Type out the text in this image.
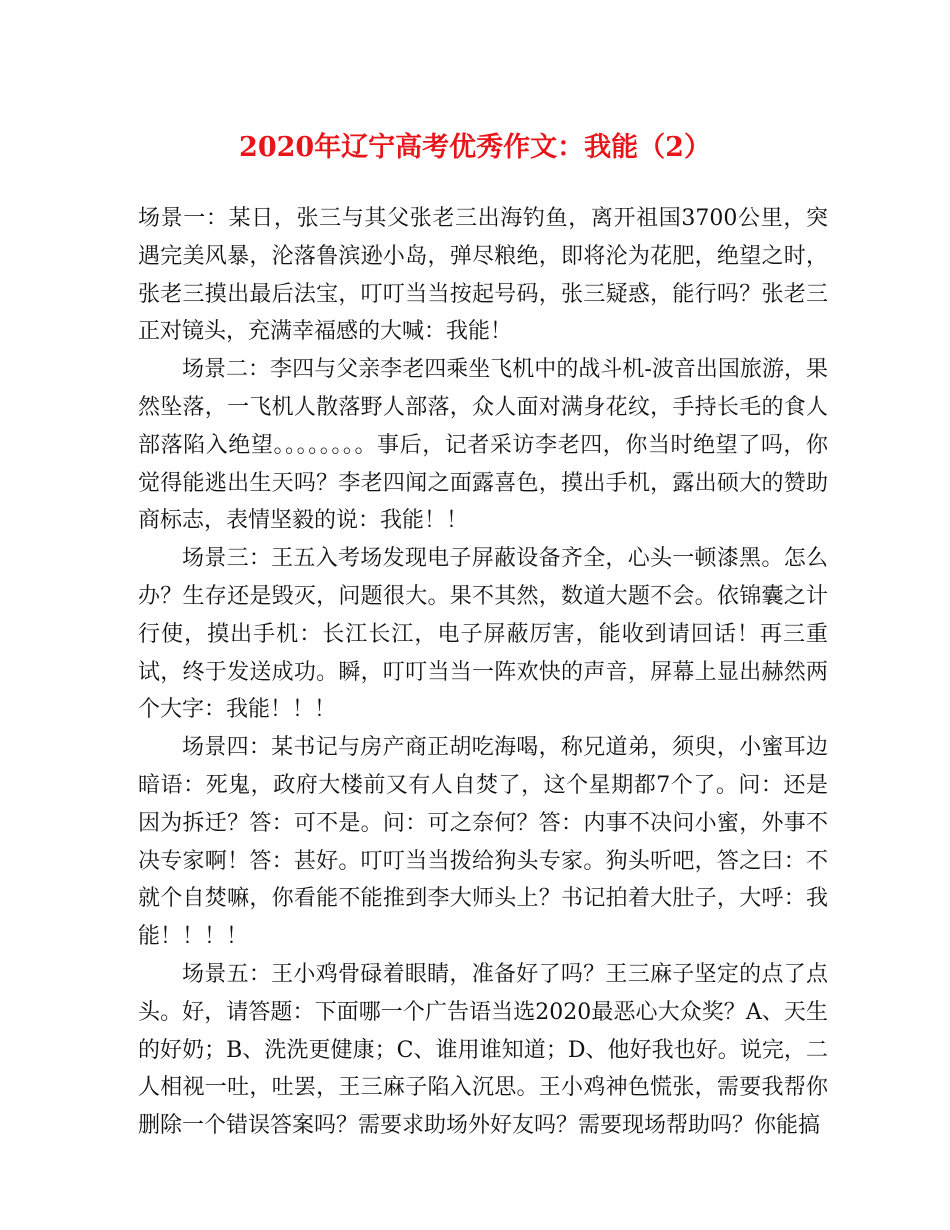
2020年辽宁高考优秀作文：我能（2）

场景一：某日，张三与其父张老三出海钓鱼，离开祖国3700公里，突遇完美风暴，沦落鲁滨逊小岛，弹尽粮绝，即将沦为花肥，绝望之时，张老三摸出最后法宝，叮叮当当按起号码，张三疑惑，能行吗？张老三正对镜头，充满幸福感的大喊：我能！

场景二：李四与父亲李老四乘坐飞机中的战斗机-波音出国旅游，果然坠落，一飞机人散落野人部落，众人面对满身花纹，手持长毛的食人部落陷入绝望。。。。。。。。事后，记者采访李老四，你当时绝望了吗，你觉得能逃出生天吗？李老四闻之面露喜色，摸出手机，露出硕大的赞助商标志，表情坚毅的说：我能！！

场景三：王五入考场发现电子屏蔽设备齐全，心头一顿漆黑。怎么办？生存还是毁灭，问题很大。果不其然，数道大题不会。依锦囊之计行使，摸出手机：长江长江，电子屏蔽厉害，能收到请回话！再三重试，终于发送成功。瞬，叮叮当当一阵欢快的声音，屏幕上显出赫然两个大字：我能！！！

场景四：某书记与房产商正胡吃海喝，称兄道弟，须臾，小蜜耳边暗语：死鬼，政府大楼前又有人自焚了，这个星期都7个了。问：还是因为拆迁？答：可不是。问：可之奈何？答：内事不决问小蜜，外事不决专家啊！答：甚好。叮叮当当拨给狗头专家。狗头听吧，答之曰：不就个自焚嘛，你看能不能推到李大师头上？书记拍着大肚子，大呼：我能！！！！

场景五：王小鸡骨碌着眼睛，准备好了吗？王三麻子坚定的点了点头。好，请答题：下面哪一个广告语当选2020最恶心大众奖？A、天生的好奶；B、洗洗更健康；C、谁用谁知道；D、他好我也好。说完，二人相视一吐，吐罢，王三麻子陷入沉思。王小鸡神色慌张，需要我帮你删除一个错误答案吗？需要求助场外好友吗？需要现场帮助吗？你能搞
